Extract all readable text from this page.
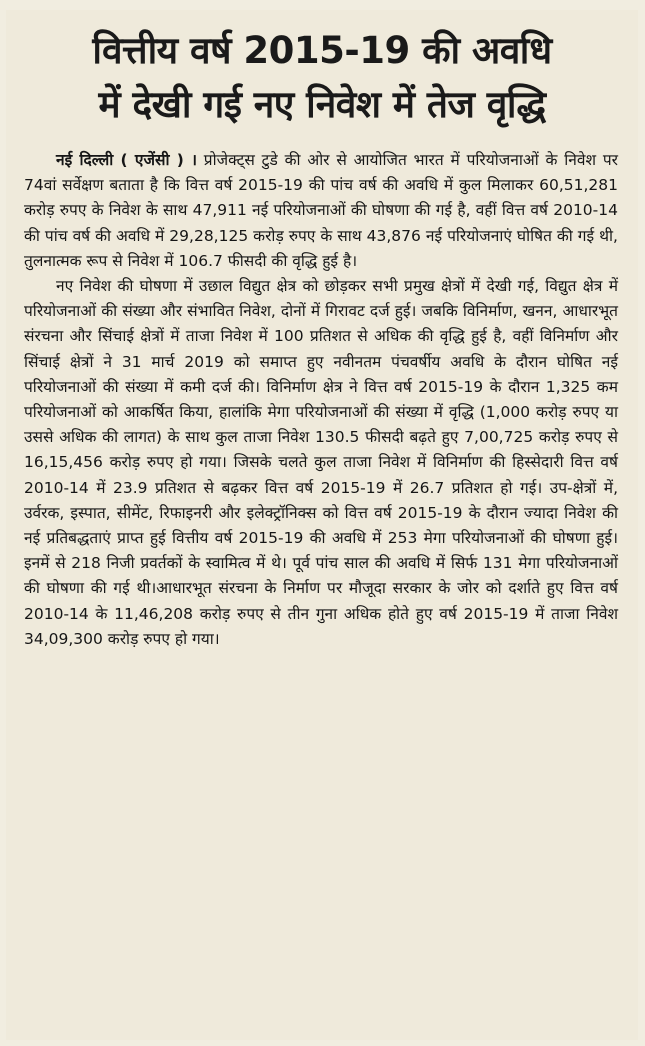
वित्तीय वर्ष 2015-19 की अवधि
में देखी गई नए निवेश में तेज वृद्धि

नई दिल्ली ( एजेंसी ) । प्रोजेक्ट्स टुडे की ओर से आयोजित भारत में परियोजनाओं के निवेश पर 74वां सर्वेक्षण बताता है कि वित्त वर्ष 2015-19 की पांच वर्ष की अवधि में कुल मिलाकर 60,51,281 करोड़ रुपए के निवेश के साथ 47,911 नई परियोजनाओं की घोषणा की गई है, वहीं वित्त वर्ष 2010-14 की पांच वर्ष की अवधि में 29,28,125 करोड़ रुपए के साथ 43,876 नई परियोजनाएं घोषित की गई थी, तुलनात्मक रूप से निवेश में 106.7 फीसदी की वृद्धि हुई है।

नए निवेश की घोषणा में उछाल विद्युत क्षेत्र को छोड़कर सभी प्रमुख क्षेत्रों में देखी गई, विद्युत क्षेत्र में परियोजनाओं की संख्या और संभावित निवेश, दोनों में गिरावट दर्ज हुई। जबकि विनिर्माण, खनन, आधारभूत संरचना और सिंचाई क्षेत्रों में ताजा निवेश में 100 प्रतिशत से अधिक की वृद्धि हुई है, वहीं विनिर्माण और सिंचाई क्षेत्रों ने 31 मार्च 2019 को समाप्त हुए नवीनतम पंचवर्षीय अवधि के दौरान घोषित नई परियोजनाओं की संख्या में कमी दर्ज की। विनिर्माण क्षेत्र ने वित्त वर्ष 2015-19 के दौरान 1,325 कम परियोजनाओं को आकर्षित किया, हालांकि मेगा परियोजनाओं की संख्या में वृद्धि (1,000 करोड़ रुपए या उससे अधिक की लागत) के साथ कुल ताजा निवेश 130.5 फीसदी बढ़ते हुए 7,00,725 करोड़ रुपए से 16,15,456 करोड़ रुपए हो गया। जिसके चलते कुल ताजा निवेश में विनिर्माण की हिस्सेदारी वित्त वर्ष 2010-14 में 23.9 प्रतिशत से बढ़कर वित्त वर्ष 2015-19 में 26.7 प्रतिशत हो गई। उप-क्षेत्रों में, उर्वरक, इस्पात, सीमेंट, रिफाइनरी और इलेक्ट्रॉनिक्स को वित्त वर्ष 2015-19 के दौरान ज्यादा निवेश की नई प्रतिबद्धताएं प्राप्त हुई वित्तीय वर्ष 2015-19 की अवधि में 253 मेगा परियोजनाओं की घोषणा हुई। इनमें से 218 निजी प्रवर्तकों के स्वामित्व में थे। पूर्व पांच साल की अवधि में सिर्फ 131 मेगा परियोजनाओं की घोषणा की गई थी।आधारभूत संरचना के निर्माण पर मौजूदा सरकार के जोर को दर्शाते हुए वित्त वर्ष 2010-14 के 11,46,208 करोड़ रुपए से तीन गुना अधिक होते हुए वर्ष 2015-19 में ताजा निवेश 34,09,300 करोड़ रुपए हो गया।
